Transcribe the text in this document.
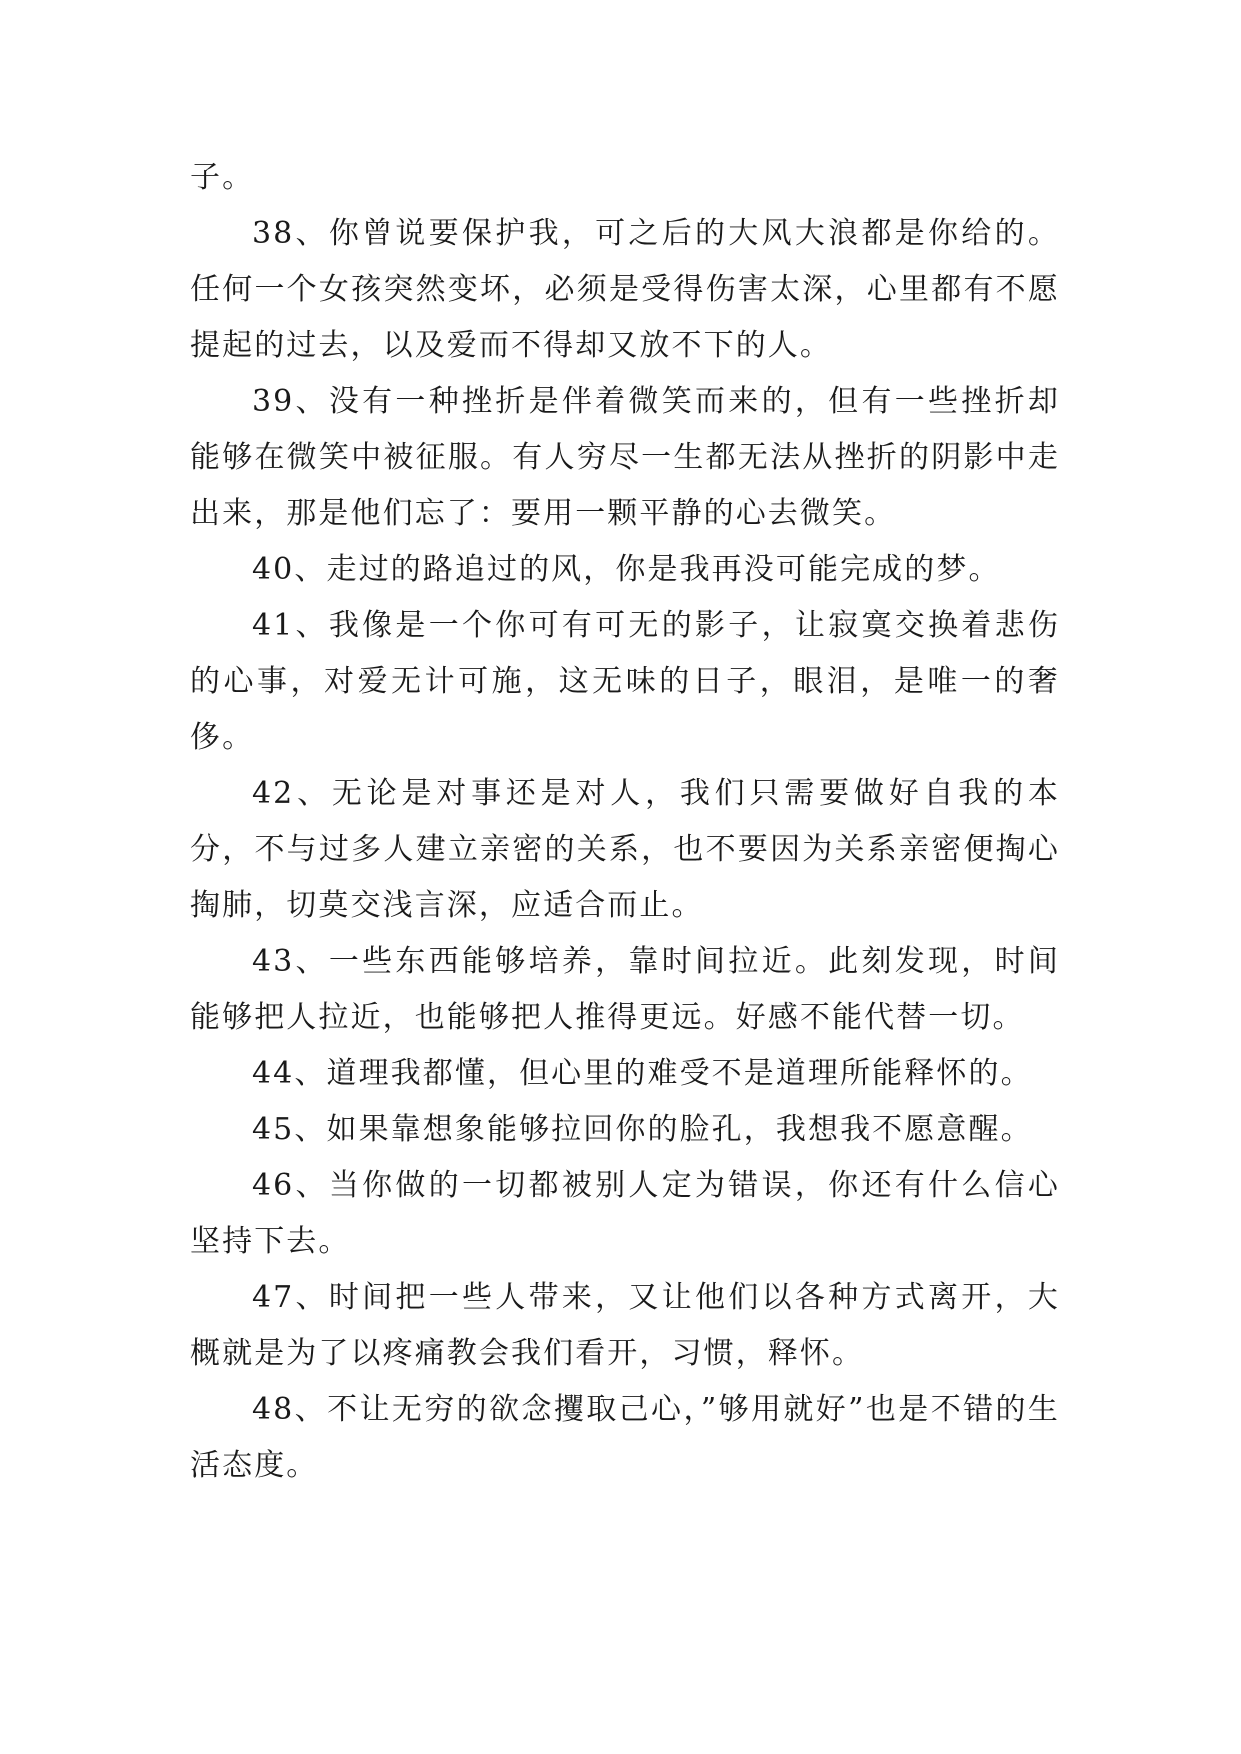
子。

38、你曾说要保护我，可之后的大风大浪都是你给的。任何一个女孩突然变坏，必须是受得伤害太深，心里都有不愿提起的过去，以及爱而不得却又放不下的人。

39、没有一种挫折是伴着微笑而来的，但有一些挫折却能够在微笑中被征服。有人穷尽一生都无法从挫折的阴影中走出来，那是他们忘了：要用一颗平静的心去微笑。

40、走过的路追过的风，你是我再没可能完成的梦。

41、我像是一个你可有可无的影子，让寂寞交换着悲伤的心事，对爱无计可施，这无味的日子，眼泪，是唯一的奢侈。

42、无论是对事还是对人，我们只需要做好自我的本分，不与过多人建立亲密的关系，也不要因为关系亲密便掏心掏肺，切莫交浅言深，应适合而止。

43、一些东西能够培养，靠时间拉近。此刻发现，时间能够把人拉近，也能够把人推得更远。好感不能代替一切。

44、道理我都懂，但心里的难受不是道理所能释怀的。

45、如果靠想象能够拉回你的脸孔，我想我不愿意醒。

46、当你做的一切都被别人定为错误，你还有什么信心坚持下去。

47、时间把一些人带来，又让他们以各种方式离开，大概就是为了以疼痛教会我们看开，习惯，释怀。

48、不让无穷的欲念攫取己心，”够用就好”也是不错的生活态度。
